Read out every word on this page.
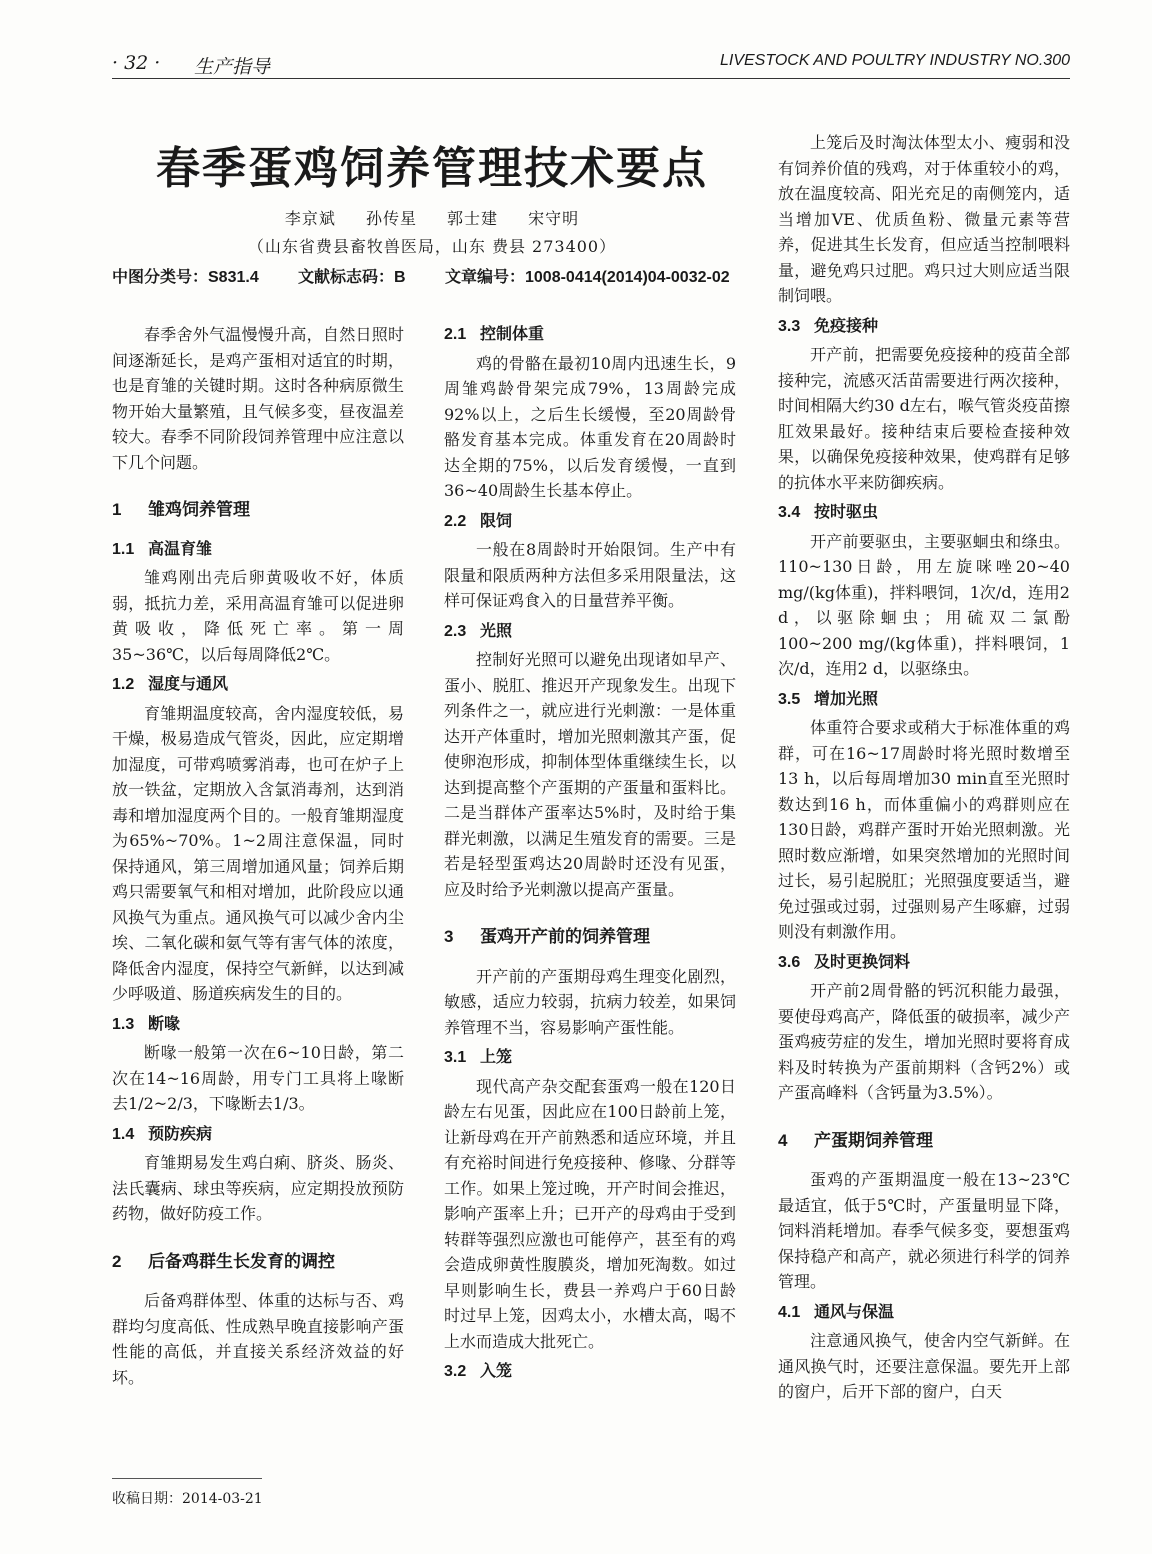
· 32 · 生产指导	LIVESTOCK AND POULTRY INDUSTRY NO.300
春季蛋鸡饲养管理技术要点
李京斌 孙传星 郭士建 宋守明
（山东省费县畜牧兽医局，山东 费县 273400）
中图分类号：S831.4 文献标志码：B 文章编号：1008-0414(2014)04-0032-02

春季舍外气温慢慢升高，自然日照时间逐渐延长，是鸡产蛋相对适宜的时期，也是育雏的关键时期。这时各种病原微生物开始大量繁殖，且气候多变，昼夜温差较大。春季不同阶段饲养管理中应注意以下几个问题。

1 雏鸡饲养管理
1.1 高温育雏

雏鸡刚出壳后卵黄吸收不好，体质弱，抵抗力差，采用高温育雏可以促进卵黄吸收，降低死亡率。第一周35~36℃，以后每周降低2℃。

1.2 湿度与通风

育雏期温度较高，舍内湿度较低，易干燥，极易造成气管炎，因此，应定期增加湿度，可带鸡喷雾消毒，也可在炉子上放一铁盆，定期放入含氯消毒剂，达到消毒和增加湿度两个目的。一般育雏期湿度为65%~70%。1~2周注意保温，同时保持通风，第三周增加通风量；饲养后期鸡只需要氧气和相对增加，此阶段应以通风换气为重点。通风换气可以减少舍内尘埃、二氧化碳和氨气等有害气体的浓度，降低舍内湿度，保持空气新鲜，以达到减少呼吸道、肠道疾病发生的目的。

1.3 断喙

断喙一般第一次在6~10日龄，第二次在14~16周龄，用专门工具将上喙断去1/2~2/3，下喙断去1/3。

1.4 预防疾病

育雏期易发生鸡白痢、脐炎、肠炎、法氏囊病、球虫等疾病，应定期投放预防药物，做好防疫工作。

2 后备鸡群生长发育的调控

后备鸡群体型、体重的达标与否、鸡群均匀度高低、性成熟早晚直接影响产蛋性能的高低，并直接关系经济效益的好坏。

2.1 控制体重

鸡的骨骼在最初10周内迅速生长，9周雏鸡龄骨架完成79%，13周龄完成92%以上，之后生长缓慢，至20周龄骨骼发育基本完成。体重发育在20周龄时达全期的75%，以后发育缓慢，一直到36~40周龄生长基本停止。

2.2 限饲

一般在8周龄时开始限饲。生产中有限量和限质两种方法但多采用限量法，这样可保证鸡食入的日量营养平衡。

2.3 光照

控制好光照可以避免出现诸如早产、蛋小、脱肛、推迟开产现象发生。出现下列条件之一，就应进行光刺激：一是体重达开产体重时，增加光照刺激其产蛋，促使卵泡形成，抑制体型体重继续生长，以达到提高整个产蛋期的产蛋量和蛋料比。二是当群体产蛋率达5%时，及时给于集群光刺激，以满足生殖发育的需要。三是若是轻型蛋鸡达20周龄时还没有见蛋，应及时给予光刺激以提高产蛋量。

3 蛋鸡开产前的饲养管理

开产前的产蛋期母鸡生理变化剧烈，敏感，适应力较弱，抗病力较差，如果饲养管理不当，容易影响产蛋性能。

3.1 上笼

现代高产杂交配套蛋鸡一般在120日龄左右见蛋，因此应在100日龄前上笼，让新母鸡在开产前熟悉和适应环境，并且有充裕时间进行免疫接种、修喙、分群等工作。如果上笼过晚，开产时间会推迟，影响产蛋率上升；已开产的母鸡由于受到转群等强烈应激也可能停产，甚至有的鸡会造成卵黄性腹膜炎，增加死淘数。如过早则影响生长，费县一养鸡户于60日龄时过早上笼，因鸡太小，水槽太高，喝不上水而造成大批死亡。

3.2 入笼

上笼后及时淘汰体型太小、瘦弱和没有饲养价值的残鸡，对于体重较小的鸡，放在温度较高、阳光充足的南侧笼内，适当增加VE、优质鱼粉、微量元素等营养，促进其生长发育，但应适当控制喂料量，避免鸡只过肥。鸡只过大则应适当限制饲喂。

3.3 免疫接种

开产前，把需要免疫接种的疫苗全部接种完，流感灭活苗需要进行两次接种，时间相隔大约30 d左右，喉气管炎疫苗擦肛效果最好。接种结束后要检查接种效果，以确保免疫接种效果，使鸡群有足够的抗体水平来防御疾病。

3.4 按时驱虫

开产前要驱虫，主要驱蛔虫和绦虫。110~130日龄，用左旋咪唑20~40 mg/(kg体重)，拌料喂饲，1次/d，连用2 d，以驱除蛔虫；用硫双二氯酚100~200 mg/(kg体重)，拌料喂饲，1次/d，连用2 d，以驱绦虫。

3.5 增加光照

体重符合要求或稍大于标准体重的鸡群，可在16~17周龄时将光照时数增至13 h，以后每周增加30 min直至光照时数达到16 h，而体重偏小的鸡群则应在130日龄，鸡群产蛋时开始光照刺激。光照时数应渐增，如果突然增加的光照时间过长，易引起脱肛；光照强度要适当，避免过强或过弱，过强则易产生啄癖，过弱则没有刺激作用。

3.6 及时更换饲料

开产前2周骨骼的钙沉积能力最强，要使母鸡高产，降低蛋的破损率，减少产蛋鸡疲劳症的发生，增加光照时要将育成料及时转换为产蛋前期料（含钙2%）或产蛋高峰料（含钙量为3.5%）。

4 产蛋期饲养管理

蛋鸡的产蛋期温度一般在13~23℃最适宜，低于5℃时，产蛋量明显下降，饲料消耗增加。春季气候多变，要想蛋鸡保持稳产和高产，就必须进行科学的饲养管理。

4.1 通风与保温

注意通风换气，使舍内空气新鲜。在通风换气时，还要注意保温。要先开上部的窗户，后开下部的窗户，白天

收稿日期：2014-03-21
